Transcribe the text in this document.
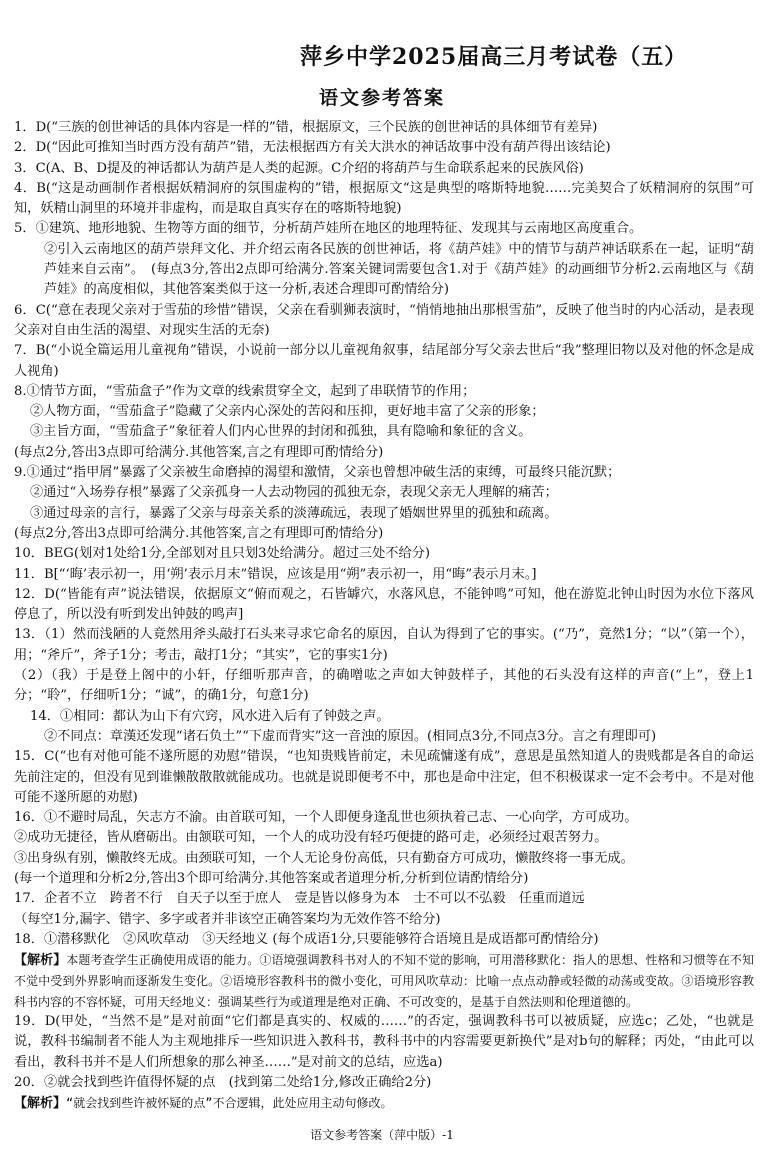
萍乡中学2025届高三月考试卷（五）
语文参考答案

1．D(“三族的创世神话的具体内容是一样的”错，根据原文，三个民族的创世神话的具体细节有差异)

2．D(“因此可推知当时西方没有葫芦”错，无法根据西方有关大洪水的神话故事中没有葫芦得出该结论)

3．C(A、B、D提及的神话都认为葫芦是人类的起源。C介绍的将葫芦与生命联系起来的民族风俗)

4．B(“这是动画制作者根据妖精洞府的氛围虚构的”错，根据原文“这是典型的喀斯特地貌……完美契合了妖精洞府的氛围”可知，妖精山洞里的环境并非虚构，而是取自真实存在的喀斯特地貌)

5．①建筑、地形地貌、生物等方面的细节，分析葫芦娃所在地区的地理特征、发现其与云南地区高度重合。

②引入云南地区的葫芦崇拜文化、并介绍云南各民族的创世神话，将《葫芦娃》中的情节与葫芦神话联系在一起，证明“葫芦娃来自云南”。　(每点3分,答出2点即可给满分.答案关键词需要包含1.对于《葫芦娃》的动画细节分析2.云南地区与《葫芦娃》的高度相似，其他答案类似于这一分析,表述合理即可酌情给分)

6．C(“意在表现父亲对于雪茄的珍惜”错误，父亲在看驯狮表演时，“悄悄地抽出那根雪茄”，反映了他当时的内心活动，是表现父亲对自由生活的渴望、对现实生活的无奈)

7．B(“小说全篇运用儿童视角”错误，小说前一部分以儿童视角叙事，结尾部分写父亲去世后“我”整理旧物以及对他的怀念是成人视角)

8.①情节方面，“雪茄盒子”作为文章的线索贯穿全文，起到了串联情节的作用；

②人物方面，“雪茄盒子”隐藏了父亲内心深处的苦闷和压抑，更好地丰富了父亲的形象；

③主旨方面，“雪茄盒子”象征着人们内心世界的封闭和孤独，具有隐喻和象征的含义。

(每点2分,答出3点即可给满分.其他答案,言之有理即可酌情给分)

9.①通过“指甲屑”暴露了父亲被生命磨掉的渴望和激情，父亲也曾想冲破生活的束缚，可最终只能沉默；

②通过“入场券存根”暴露了父亲孤身一人去动物园的孤独无奈，表现父亲无人理解的痛苦；

③通过母亲的言行，暴露了父亲与母亲关系的淡薄疏远，表现了婚姻世界里的孤独和疏离。

(每点2分,答出3点即可给满分.其他答案,言之有理即可酌情给分)

10．BEG(划对1处给1分,全部划对且只划3处给满分。超过三处不给分)

11．B[“‘晦’表示初一，用‘朔’表示月末”错误，应该是用“朔”表示初一，用“晦”表示月末。]

12．D(“皆能有声”说法错误，依据原文“俯而观之，石皆罅穴，水落风息，不能钟鸣”可知，他在游览北钟山时因为水位下落风停息了，所以没有听到发出钟鼓的鸣声]

13．（1）然而浅陋的人竟然用斧头敲打石头来寻求它命名的原因，自认为得到了它的事实。(“乃”，竟然1分；“以”（第一个），用；“斧斤”，斧子1分；考击，敲打1分；“其实”，它的事实1分)

（2）（我）于是登上阁中的小轩，仔细听那声音，的确噌吰之声如大钟鼓样子，其他的石头没有这样的声音(“上”，登上1分；“聆”，仔细听1分；“诚”，的确1分，句意1分)

14．①相同：都认为山下有穴窍，风水进入后有了钟鼓之声。

②不同点：章漢还发现“诸石负土”“下虚而背实”这一音浊的原因。(相同点3分,不同点3分。言之有理即可)

15．C(“也有对他可能不遂所愿的劝慰”错误，“也知贵贱皆前定，未见疏慵遂有成”，意思是虽然知道人的贵贱都是各自的命运先前注定的，但没有见到谁懒散散散就能成功。也就是说即便考不中，那也是命中注定，但不积极谋求一定不会考中。不是对他可能不遂所愿的劝慰)

16．①不避时局乱，矢志方不渝。由首联可知，一个人即便身逢乱世也须执着己志、一心向学，方可成功。

②成功无捷径，皆从磨砺出。由颔联可知，一个人的成功没有轻巧便捷的路可走，必须经过艰苦努力。

③出身纵有别，懒散终无成。由颈联可知，一个人无论身份高低，只有勤奋方可成功，懒散终将一事无成。

(每一个道理和分析2分,答出3个即可给满分.其他答案或者道理分析,分析到位请酌情给分)

17．企者不立　跨者不行　自天子以至于庶人　壹是皆以修身为本　士不可以不弘毅　任重而道远

（每空1分,漏字、错字、多字或者并非该空正确答案均为无效作答不给分)

18．①潜移默化　②风吹草动　③天经地义 (每个成语1分,只要能够符合语境且是成语都可酌情给分)

【解析】本题考查学生正确使用成语的能力。①语境强调教科书对人的不知不觉的影响，可用潜移默化：指人的思想、性格和习惯等在不知不觉中受到外界影响而逐渐发生变化。②语境形容教科书的微小变化，可用风吹草动：比喻一点点动静或轻微的动荡或变故。③语境形容教科书内容的不容怀疑，可用天经地义：强调某些行为或道理是绝对正确、不可改变的，是基于自然法则和伦理道德的。

19．D(甲处，“当然不是”是对前面“它们都是真实的、权威的……”的否定，强调教科书可以被质疑，应选c；乙处，“也就是说，教科书编制者不能人为主观地排斥一些知识进入教科书，教科书中的内容需要更新换代”是对b句的解释；丙处，“由此可以看出，教科书并不是人们所想象的那么神圣……”是对前文的总结，应选a)

20．②就会找到些许值得怀疑的点　(找到第二处给1分,修改正确给2分)

【解析】“就会找到些许被怀疑的点”不合逻辑，此处应用主动句修改。

语文参考答案（萍中版）-1
